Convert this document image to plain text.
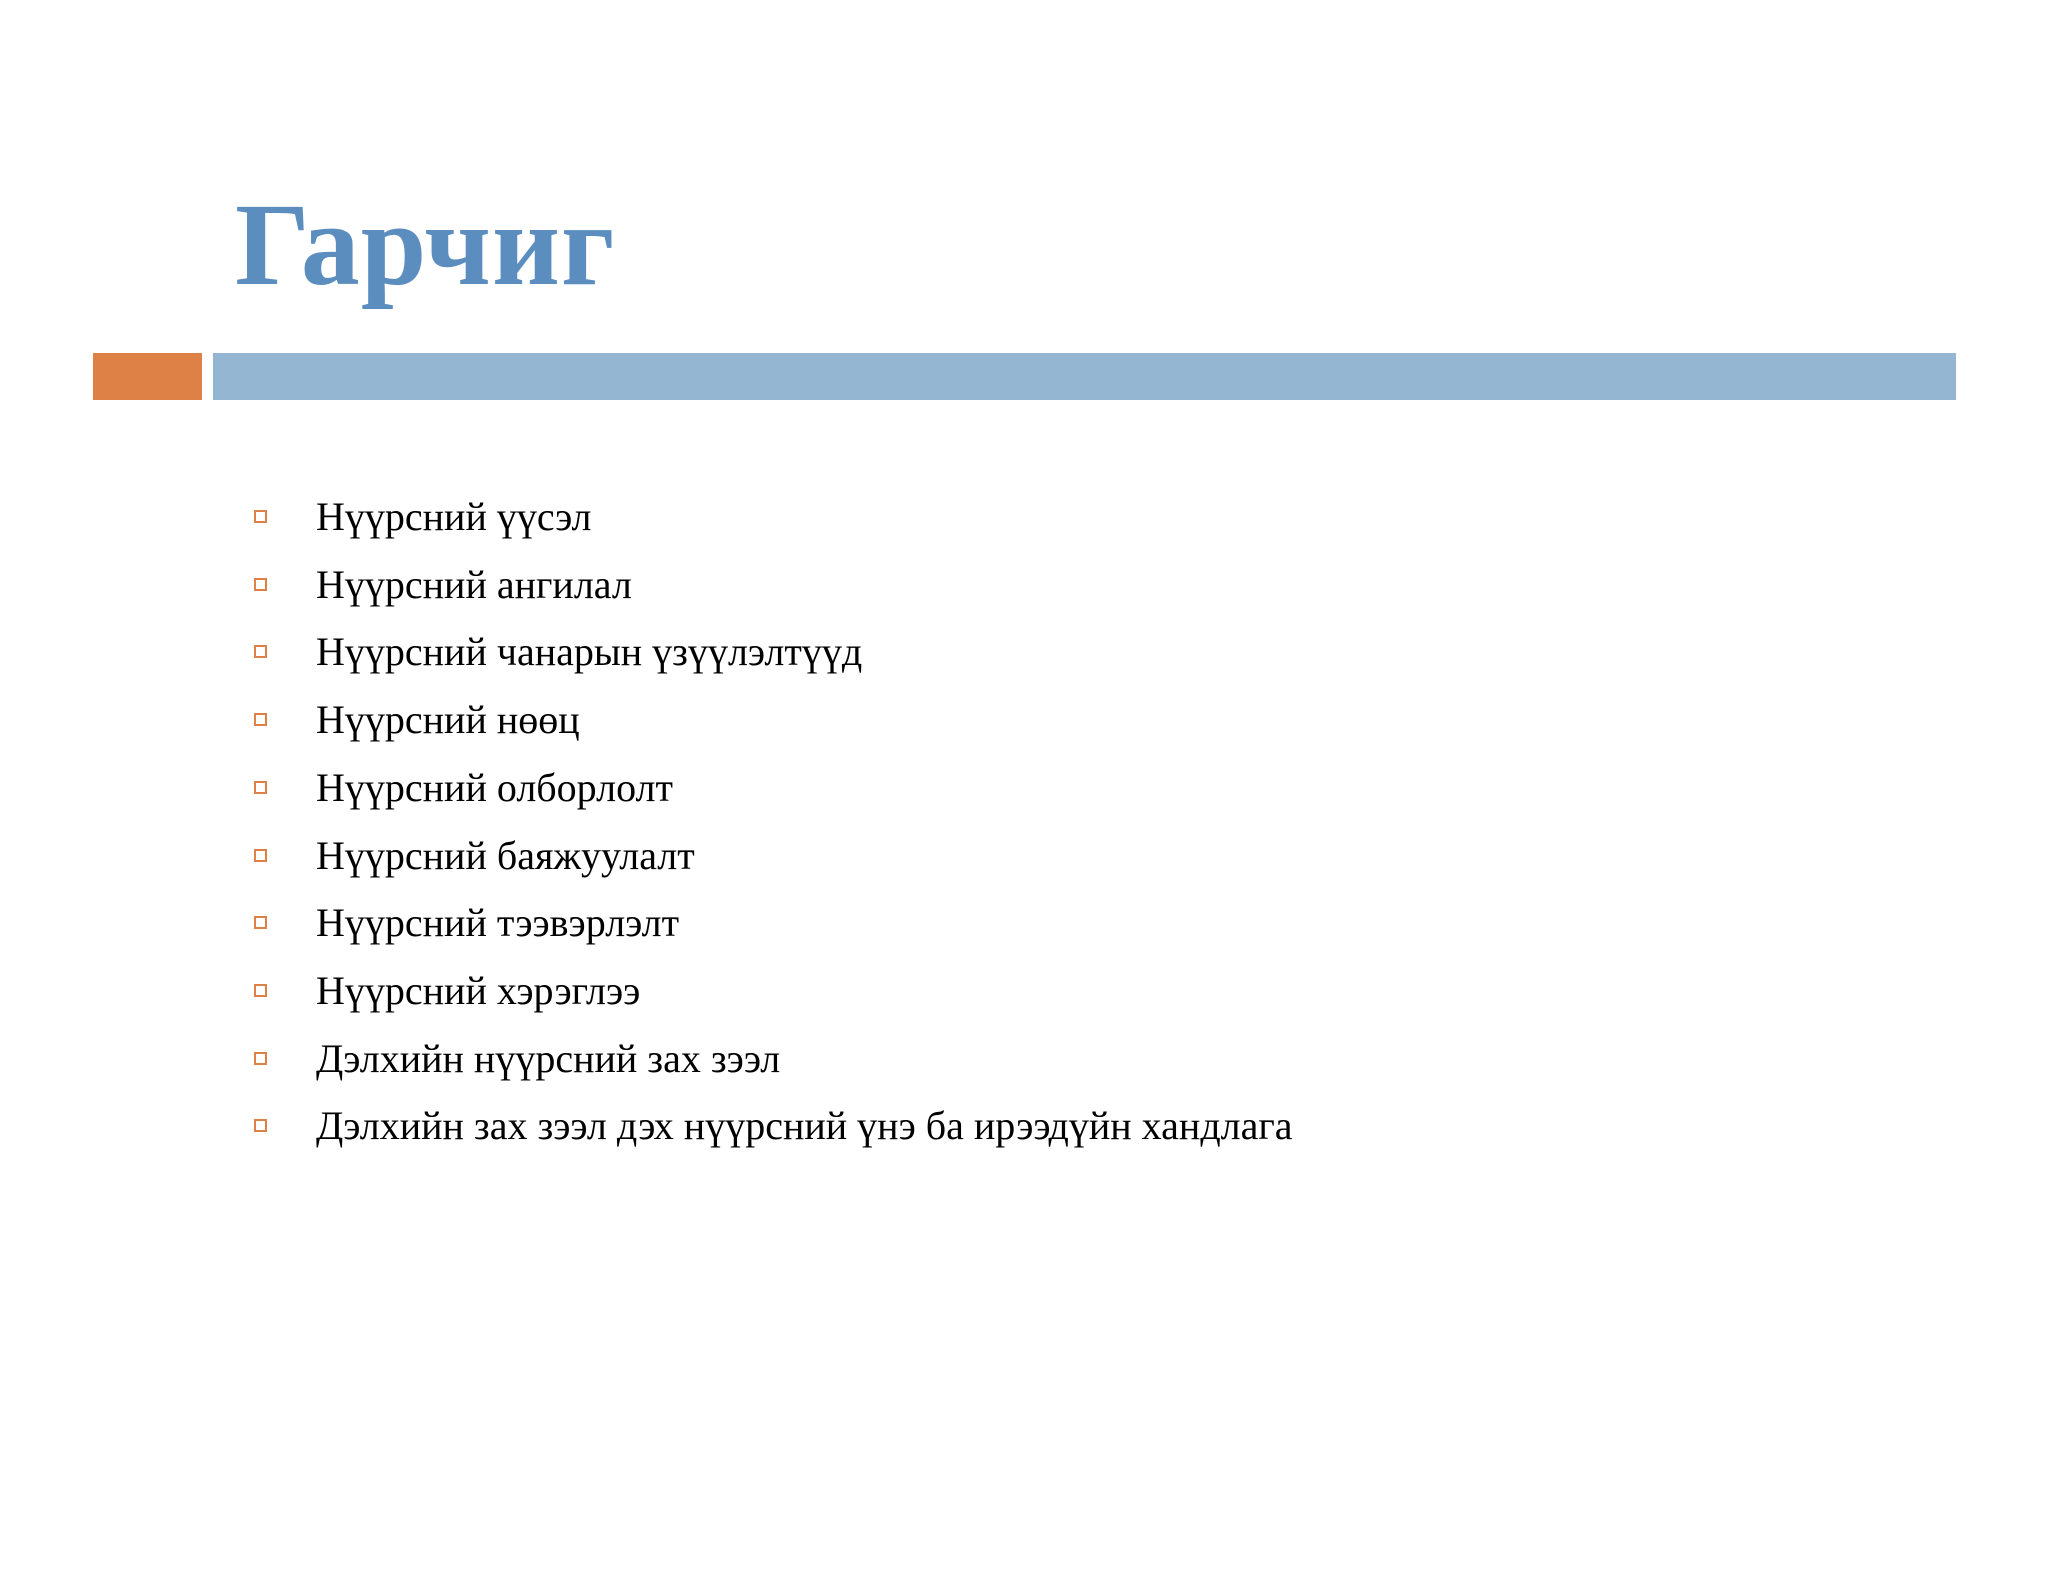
Гарчиг
Нүүрсний үүсэл
Нүүрсний ангилал
Нүүрсний чанарын үзүүлэлтүүд
Нүүрсний нөөц
Нүүрсний олборлолт
Нүүрсний баяжуулалт
Нүүрсний тээвэрлэлт
Нүүрсний хэрэглээ
Дэлхийн нүүрсний зах зээл
Дэлхийн зах зээл дэх нүүрсний үнэ ба ирээдүйн хандлага
